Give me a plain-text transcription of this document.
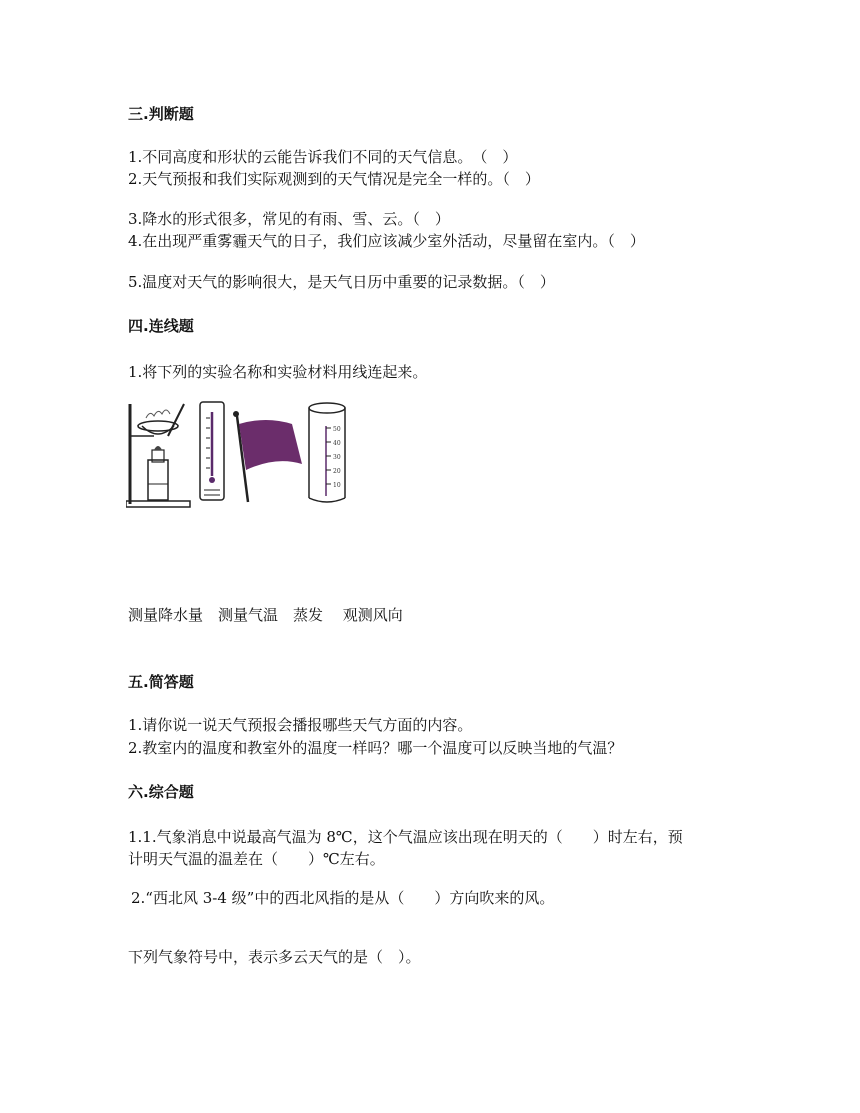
三.判断题
1.不同高度和形状的云能告诉我们不同的天气信息。　（　）
2.天气预报和我们实际观测到的天气情况是完全一样的。（　）
3.降水的形式很多，常见的有雨、雪、云。（　）
4.在出现严重雾霾天气的日子，我们应该减少室外活动，尽量留在室内。（　）
5.温度对天气的影响很大，是天气日历中重要的记录数据。（　）
四.连线题
1.将下列的实验名称和实验材料用线连起来。
50
40
30
20
10
测量降水量　测量气温　蒸发　 观测风向
五.简答题
1.请你说一说天气预报会播报哪些天气方面的内容。
2.教室内的温度和教室外的温度一样吗？哪一个温度可以反映当地的气温？
六.综合题
1.1.气象消息中说最高气温为 8℃，这个气温应该出现在明天的（　　）时左右，预
计明天气温的温差在（　　）℃左右。
2.“西北风 3-4 级”中的西北风指的是从（　　）方向吹来的风。
下列气象符号中，表示多云天气的是（　）。
